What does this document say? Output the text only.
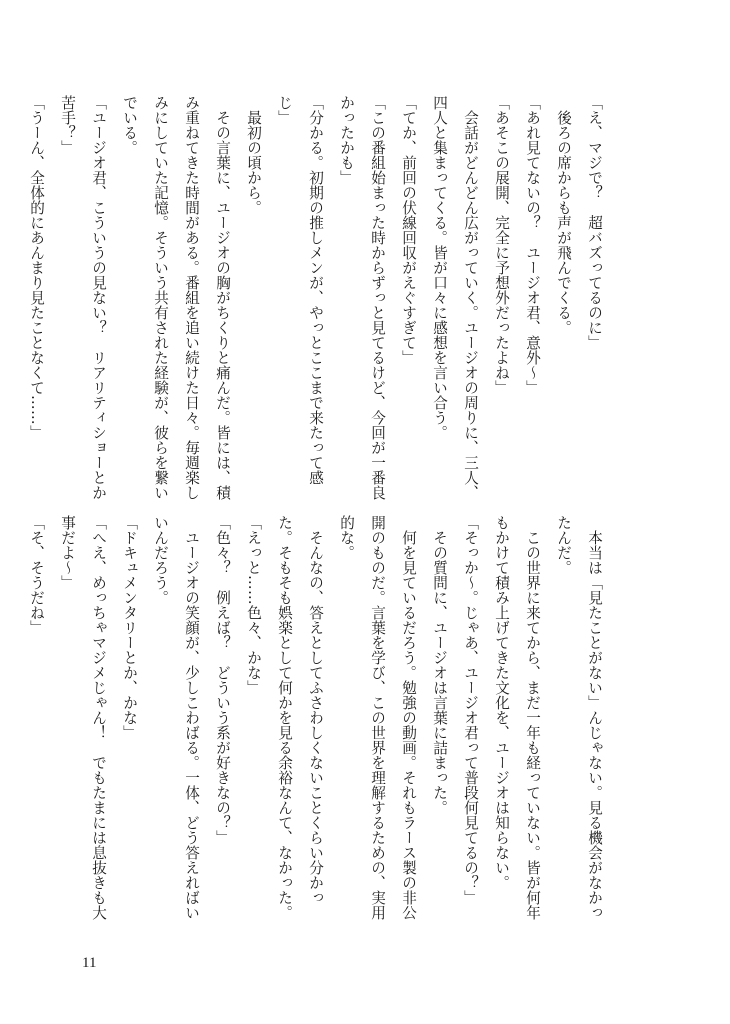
「え、マジで？　超バズってるのに」
　後ろの席からも声が飛んでくる。
「あれ見てないの？　ユージオ君、意外～」
「あそこの展開、完全に予想外だったよね」
　会話がどんどん広がっていく。ユージオの周りに、三人、
四人と集まってくる。皆が口々に感想を言い合う。
「てか、前回の伏線回収がえぐすぎて」
「この番組始まった時からずっと見てるけど、今回が一番良
かったかも」
「分かる。初期の推しメンが、やっとここまで来たって感
じ」
　最初の頃から。
　その言葉に、ユージオの胸がちくりと痛んだ。皆には、積
み重ねてきた時間がある。番組を追い続けた日々。毎週楽し
みにしていた記憶。そういう共有された経験が、彼らを繋い
でいる。
「ユージオ君、こういうの見ない？　リアリティショーとか
苦手？」
「うーん、全体的にあんまり見たことなくて……」
　本当は「見たことがない」んじゃない。見る機会がなかっ
たんだ。
　この世界に来てから、まだ一年も経っていない。皆が何年
もかけて積み上げてきた文化を、ユージオは知らない。
「そっか～。じゃあ、ユージオ君って普段何見てるの？」
　その質問に、ユージオは言葉に詰まった。
　何を見ているだろう。勉強の動画。それもラース製の非公
開のものだ。言葉を学び、この世界を理解するための、実用
的な。
　そんなの、答えとしてふさわしくないことくらい分かっ
た。そもそも娯楽として何かを見る余裕なんて、なかった。
「えっと……色々、かな」
「色々？　例えば？　どういう系が好きなの？」
　ユージオの笑顔が、少しこわばる。一体、どう答えればい
いんだろう。
「ドキュメンタリーとか、かな」
「へえ、めっちゃマジメじゃん！　でもたまには息抜きも大
事だよ～」
「そ、そうだね」
11
